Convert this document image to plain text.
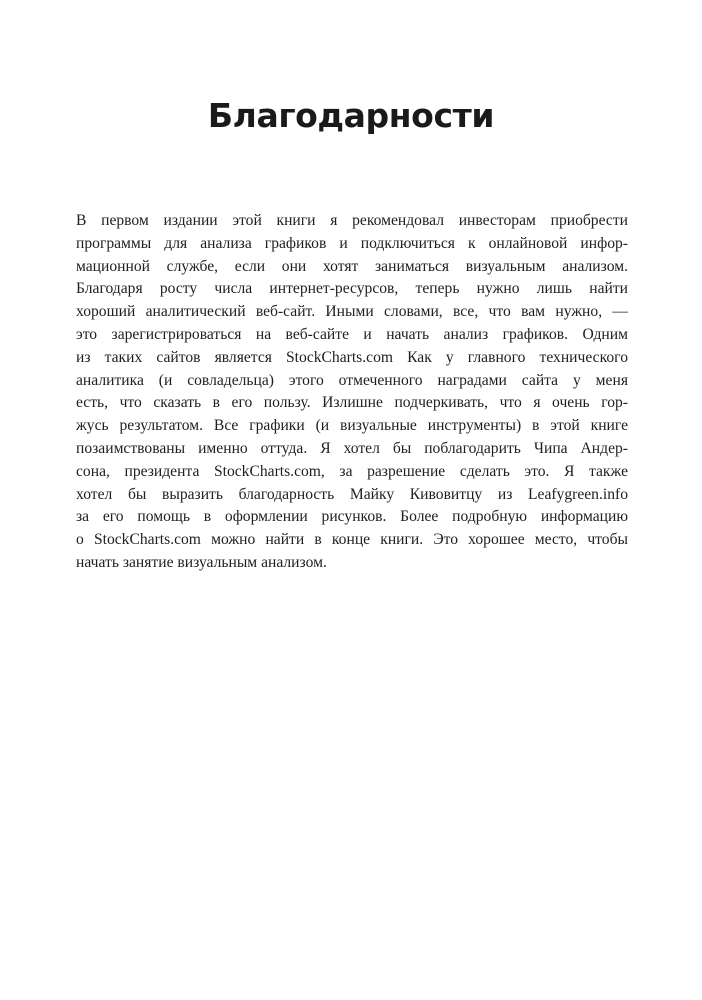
Благодарности
В первом издании этой книги я рекомендовал инвесторам приобрести
программы для анализа графиков и подключиться к онлайновой инфор-
мационной службе, если они хотят заниматься визуальным анализом.
Благодаря росту числа интернет-ресурсов, теперь нужно лишь найти
хороший аналитический веб-сайт. Иными словами, все, что вам нужно, —
это зарегистрироваться на веб-сайте и начать анализ графиков. Одним
из таких сайтов является StockCharts.com Как у главного технического
аналитика (и совладельца) этого отмеченного наградами сайта у меня
есть, что сказать в его пользу. Излишне подчеркивать, что я очень гор-
жусь результатом. Все графики (и визуальные инструменты) в этой книге
позаимствованы именно оттуда. Я хотел бы поблагодарить Чипа Андер-
сона, президента StockCharts.com, за разрешение сделать это. Я также
хотел бы выразить благодарность Майку Кивовитцу из Leafygreen.info
за его помощь в оформлении рисунков. Более подробную информацию
о StockCharts.com можно найти в конце книги. Это хорошее место, чтобы
начать занятие визуальным анализом.
